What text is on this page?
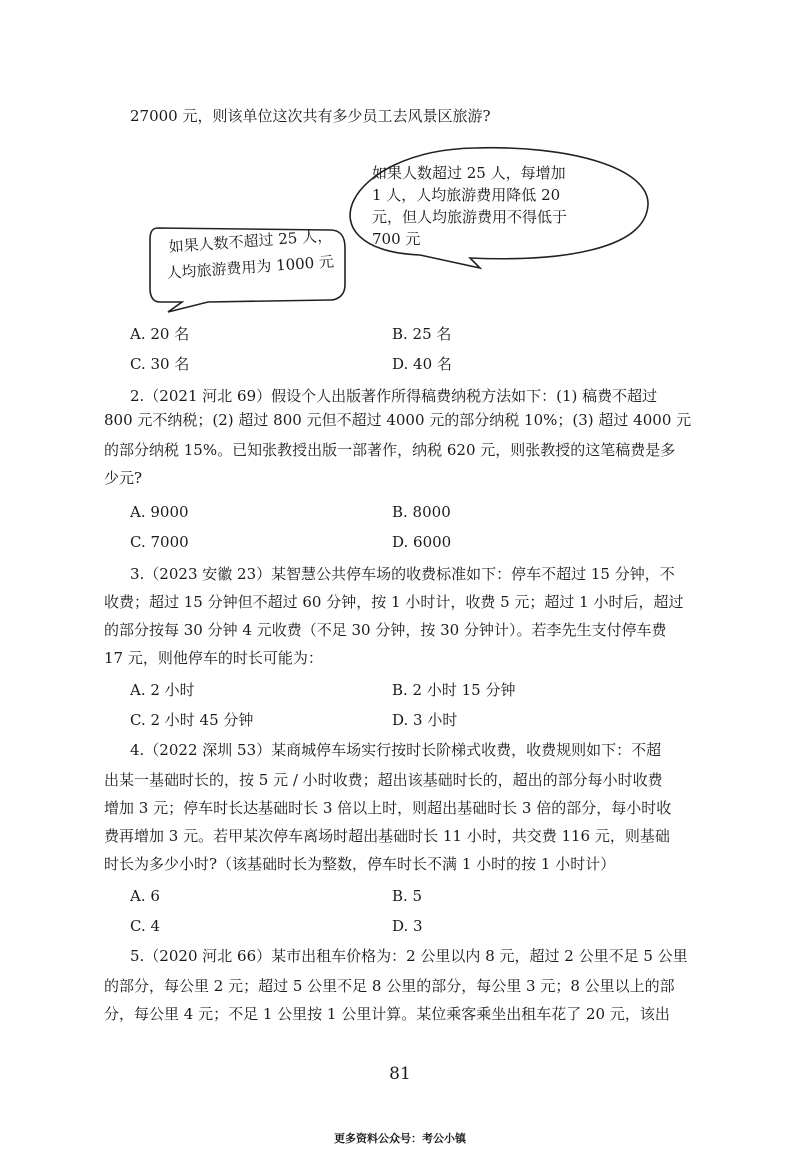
27000 元，则该单位这次共有多少员工去风景区旅游?
如果人数超过 25 人，每增加
1 人，人均旅游费用降低 20
元，但人均旅游费用不得低于
700 元
如果人数不超过 25 人，
人均旅游费用为 1000 元
A. 20 名	B. 25 名
C. 30 名	D. 40 名
2.（2021 河北 69）假设个人出版著作所得稿费纳税方法如下：(1) 稿费不超过
800 元不纳税；(2) 超过 800 元但不超过 4000 元的部分纳税 10%；(3) 超过 4000 元
的部分纳税 15%。已知张教授出版一部著作，纳税 620 元，则张教授的这笔稿费是多
少元?
A. 9000	B. 8000
C. 7000	D. 6000
3.（2023 安徽 23）某智慧公共停车场的收费标准如下：停车不超过 15 分钟，不
收费；超过 15 分钟但不超过 60 分钟，按 1 小时计，收费 5 元；超过 1 小时后，超过
的部分按每 30 分钟 4 元收费（不足 30 分钟，按 30 分钟计）。若李先生支付停车费
17 元，则他停车的时长可能为：
A. 2 小时	B. 2 小时 15 分钟
C. 2 小时 45 分钟	D. 3 小时
4.（2022 深圳 53）某商城停车场实行按时长阶梯式收费，收费规则如下：不超
出某一基础时长的，按 5 元 / 小时收费；超出该基础时长的，超出的部分每小时收费
增加 3 元；停车时长达基础时长 3 倍以上时，则超出基础时长 3 倍的部分，每小时收
费再增加 3 元。若甲某次停车离场时超出基础时长 11 小时，共交费 116 元，则基础
时长为多少小时?（该基础时长为整数，停车时长不满 1 小时的按 1 小时计）
A. 6	B. 5
C. 4	D. 3
5.（2020 河北 66）某市出租车价格为：2 公里以内 8 元，超过 2 公里不足 5 公里
的部分，每公里 2 元；超过 5 公里不足 8 公里的部分，每公里 3 元；8 公里以上的部
分，每公里 4 元；不足 1 公里按 1 公里计算。某位乘客乘坐出租车花了 20 元，该出
81
更多资料公众号：考公小镇
